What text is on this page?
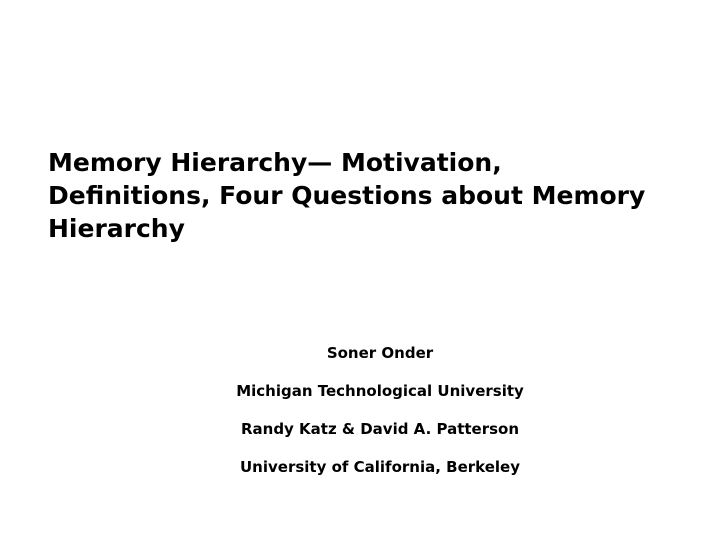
Memory Hierarchy— Motivation,
Definitions, Four Questions about Memory
Hierarchy
Soner Onder
Michigan Technological University
Randy Katz & David A. Patterson
University of California, Berkeley
